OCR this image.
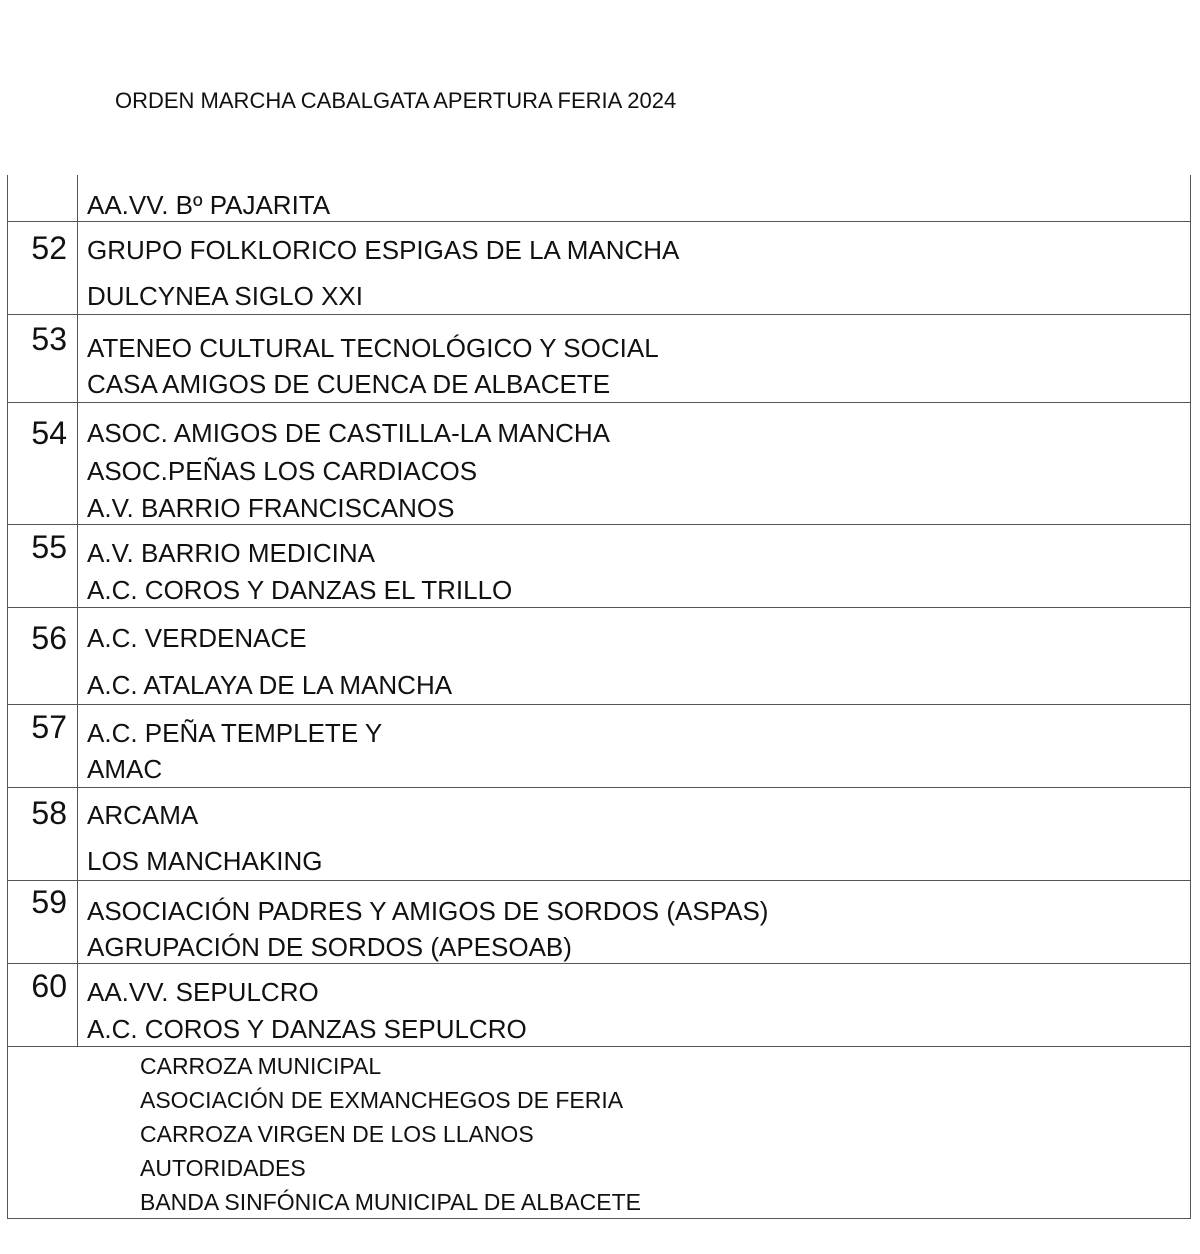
ORDEN MARCHA CABALGATA APERTURA FERIA 2024
AA.VV. Bº PAJARITA
52 GRUPO FOLKLORICO ESPIGAS DE LA MANCHA
DULCYNEA SIGLO XXI
53 ATENEO CULTURAL TECNOLÓGICO Y SOCIAL
CASA AMIGOS DE CUENCA DE ALBACETE
54 ASOC. AMIGOS DE CASTILLA-LA MANCHA
ASOC.PEÑAS LOS CARDIACOS
A.V. BARRIO FRANCISCANOS
55 A.V. BARRIO MEDICINA
A.C. COROS Y DANZAS EL TRILLO
56 A.C. VERDENACE
A.C. ATALAYA DE LA MANCHA
57 A.C. PEÑA TEMPLETE Y
AMAC
58 ARCAMA
LOS MANCHAKING
59 ASOCIACIÓN PADRES Y AMIGOS DE SORDOS (ASPAS)
AGRUPACIÓN DE SORDOS (APESOAB)
60 AA.VV. SEPULCRO
A.C. COROS Y DANZAS SEPULCRO
CARROZA MUNICIPAL
ASOCIACIÓN DE EXMANCHEGOS DE FERIA
CARROZA VIRGEN DE LOS LLANOS
AUTORIDADES
BANDA SINFÓNICA MUNICIPAL DE ALBACETE
